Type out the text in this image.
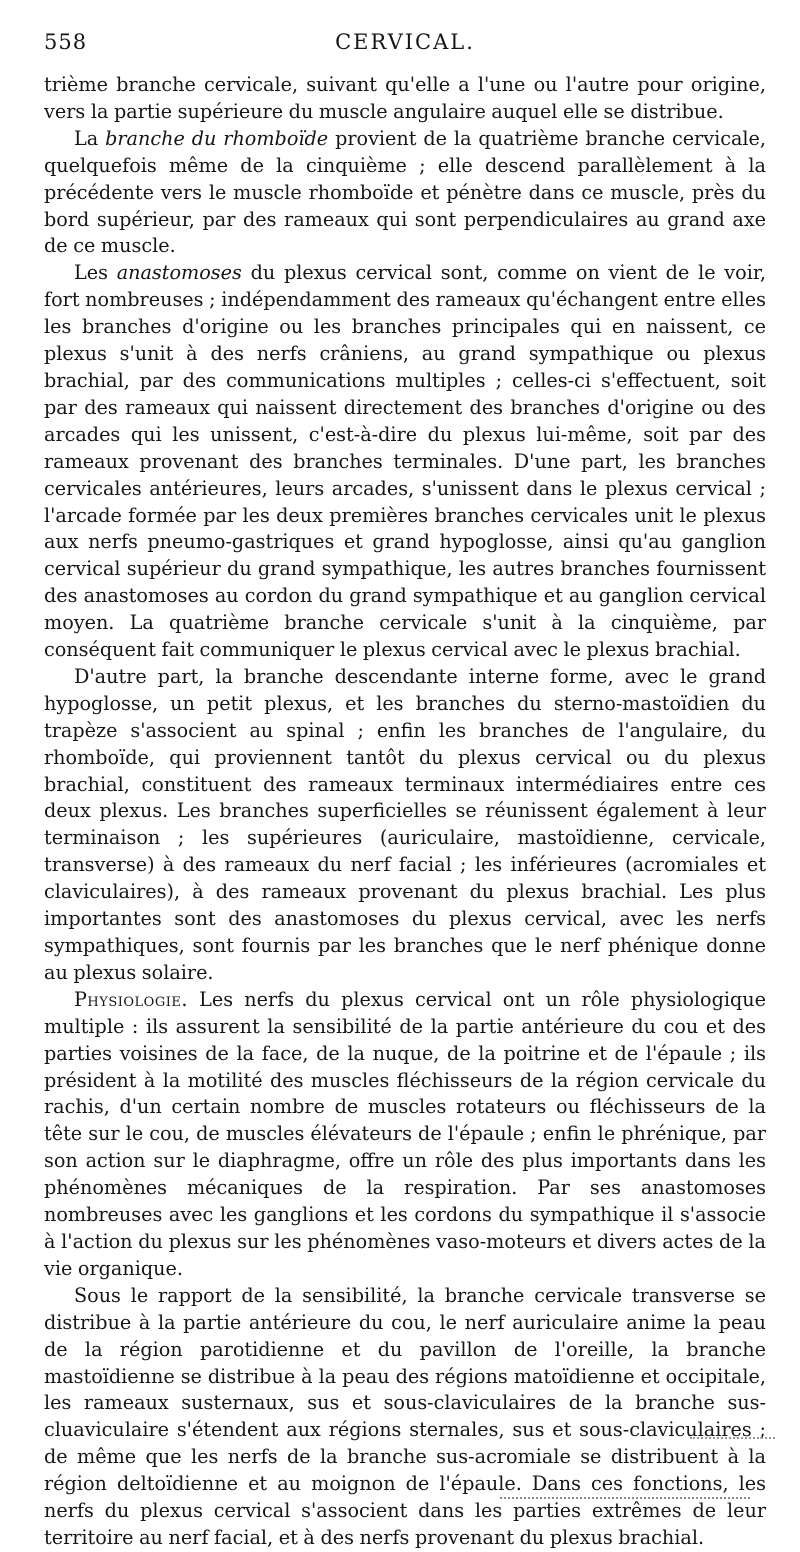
558	CERVICAL.

trième branche cervicale, suivant qu'elle a l'une ou l'autre pour origine, vers la partie supérieure du muscle angulaire auquel elle se distribue.

La branche du rhomboïde provient de la quatrième branche cervicale, quelquefois même de la cinquième ; elle descend parallèlement à la précédente vers le muscle rhomboïde et pénètre dans ce muscle, près du bord supérieur, par des rameaux qui sont perpendiculaires au grand axe de ce muscle.

Les anastomoses du plexus cervical sont, comme on vient de le voir, fort nombreuses ; indépendamment des rameaux qu'échangent entre elles les branches d'origine ou les branches principales qui en naissent, ce plexus s'unit à des nerfs crâniens, au grand sympathique ou plexus brachial, par des communications multiples ; celles-ci s'effectuent, soit par des rameaux qui naissent directement des branches d'origine ou des arcades qui les unissent, c'est-à-dire du plexus lui-même, soit par des rameaux provenant des branches terminales. D'une part, les branches cervicales antérieures, leurs arcades, s'unissent dans le plexus cervical ; l'arcade formée par les deux premières branches cervicales unit le plexus aux nerfs pneumo-gastriques et grand hypoglosse, ainsi qu'au ganglion cervical supérieur du grand sympathique, les autres branches fournissent des anastomoses au cordon du grand sympathique et au ganglion cervical moyen. La quatrième branche cervicale s'unit à la cinquième, par conséquent fait communiquer le plexus cervical avec le plexus brachial.

D'autre part, la branche descendante interne forme, avec le grand hypoglosse, un petit plexus, et les branches du sterno-mastoïdien du trapèze s'associent au spinal ; enfin les branches de l'angulaire, du rhomboïde, qui proviennent tantôt du plexus cervical ou du plexus brachial, constituent des rameaux terminaux intermédiaires entre ces deux plexus. Les branches superficielles se réunissent également à leur terminaison ; les supérieures (auriculaire, mastoïdienne, cervicale, transverse) à des rameaux du nerf facial ; les inférieures (acromiales et claviculaires), à des rameaux provenant du plexus brachial. Les plus importantes sont des anastomoses du plexus cervical, avec les nerfs sympathiques, sont fournis par les branches que le nerf phénique donne au plexus solaire.

Physiologie. Les nerfs du plexus cervical ont un rôle physiologique multiple : ils assurent la sensibilité de la partie antérieure du cou et des parties voisines de la face, de la nuque, de la poitrine et de l'épaule ; ils président à la motilité des muscles fléchisseurs de la région cervicale du rachis, d'un certain nombre de muscles rotateurs ou fléchisseurs de la tête sur le cou, de muscles élévateurs de l'épaule ; enfin le phrénique, par son action sur le diaphragme, offre un rôle des plus importants dans les phénomènes mécaniques de la respiration. Par ses anastomoses nombreuses avec les ganglions et les cordons du sympathique il s'associe à l'action du plexus sur les phénomènes vaso-moteurs et divers actes de la vie organique.

Sous le rapport de la sensibilité, la branche cervicale transverse se distribue à la partie antérieure du cou, le nerf auriculaire anime la peau de la région parotidienne et du pavillon de l'oreille, la branche mastoïdienne se distribue à la peau des régions matoïdienne et occipitale, les rameaux susternaux, sus et sous-claviculaires de la branche sus-cluaviculaire s'étendent aux régions sternales, sus et sous-claviculaires ; de même que les nerfs de la branche sus-acromiale se distribuent à la région deltoïdienne et au moignon de l'épaule. Dans ces fonctions, les nerfs du plexus cervical s'associent dans les parties extrêmes de leur territoire au nerf facial, et à des nerfs provenant du plexus brachial.
